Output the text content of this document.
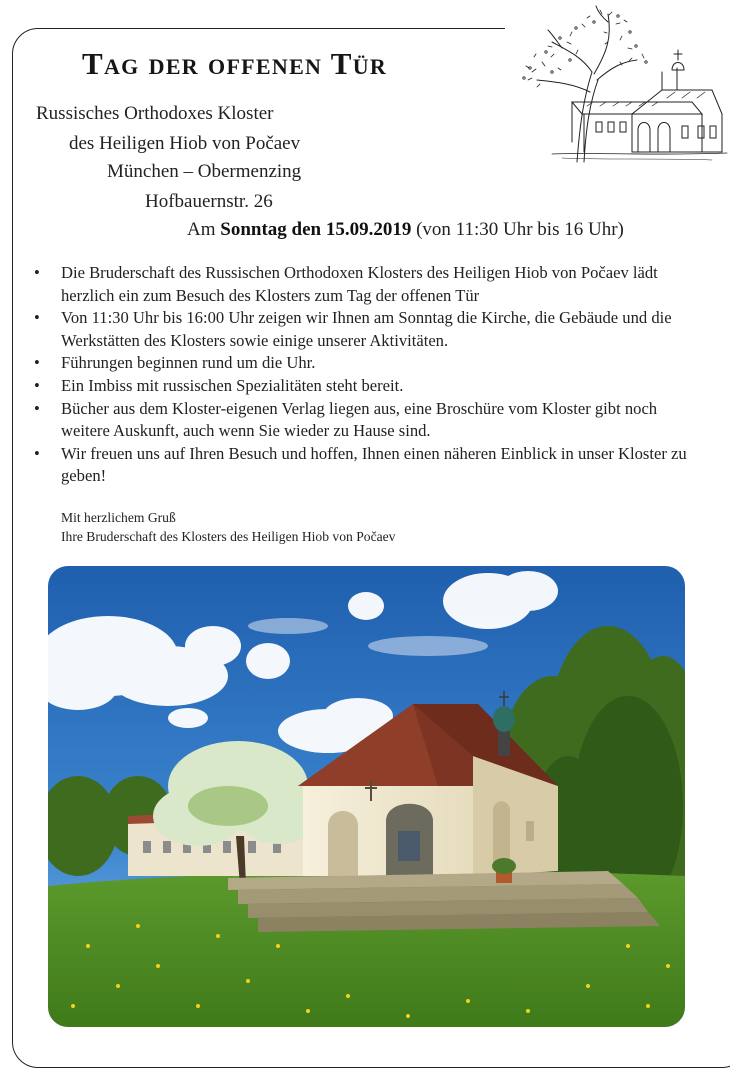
Tag der offenen Tür

Russisches Orthodoxes Kloster

des Heiligen Hiob von Počaev

München – Obermenzing

Hofbauernstr. 26

Am Sonntag den 15.09.2019 (von 11:30 Uhr bis 16 Uhr)

• Die Bruderschaft des Russischen Orthodoxen Klosters des Heiligen Hiob von Počaev lädt herzlich ein zum Besuch des Klosters zum Tag der offenen Tür
• Von 11:30 Uhr bis 16:00 Uhr zeigen wir Ihnen am Sonntag die Kirche, die Gebäude und die Werkstätten des Klosters sowie einige unserer Aktivitäten.
• Führungen beginnen rund um die Uhr.
• Ein Imbiss mit russischen Spezialitäten steht bereit.
• Bücher aus dem Kloster-eigenen Verlag liegen aus, eine Broschüre vom Kloster gibt noch weitere Auskunft, auch wenn Sie wieder zu Hause sind.
• Wir freuen uns auf Ihren Besuch und hoffen, Ihnen einen näheren Einblick in unser Kloster zu geben!
Mit herzlichem Gruß
Ihre Bruderschaft des Klosters des Heiligen Hiob von Počaev
